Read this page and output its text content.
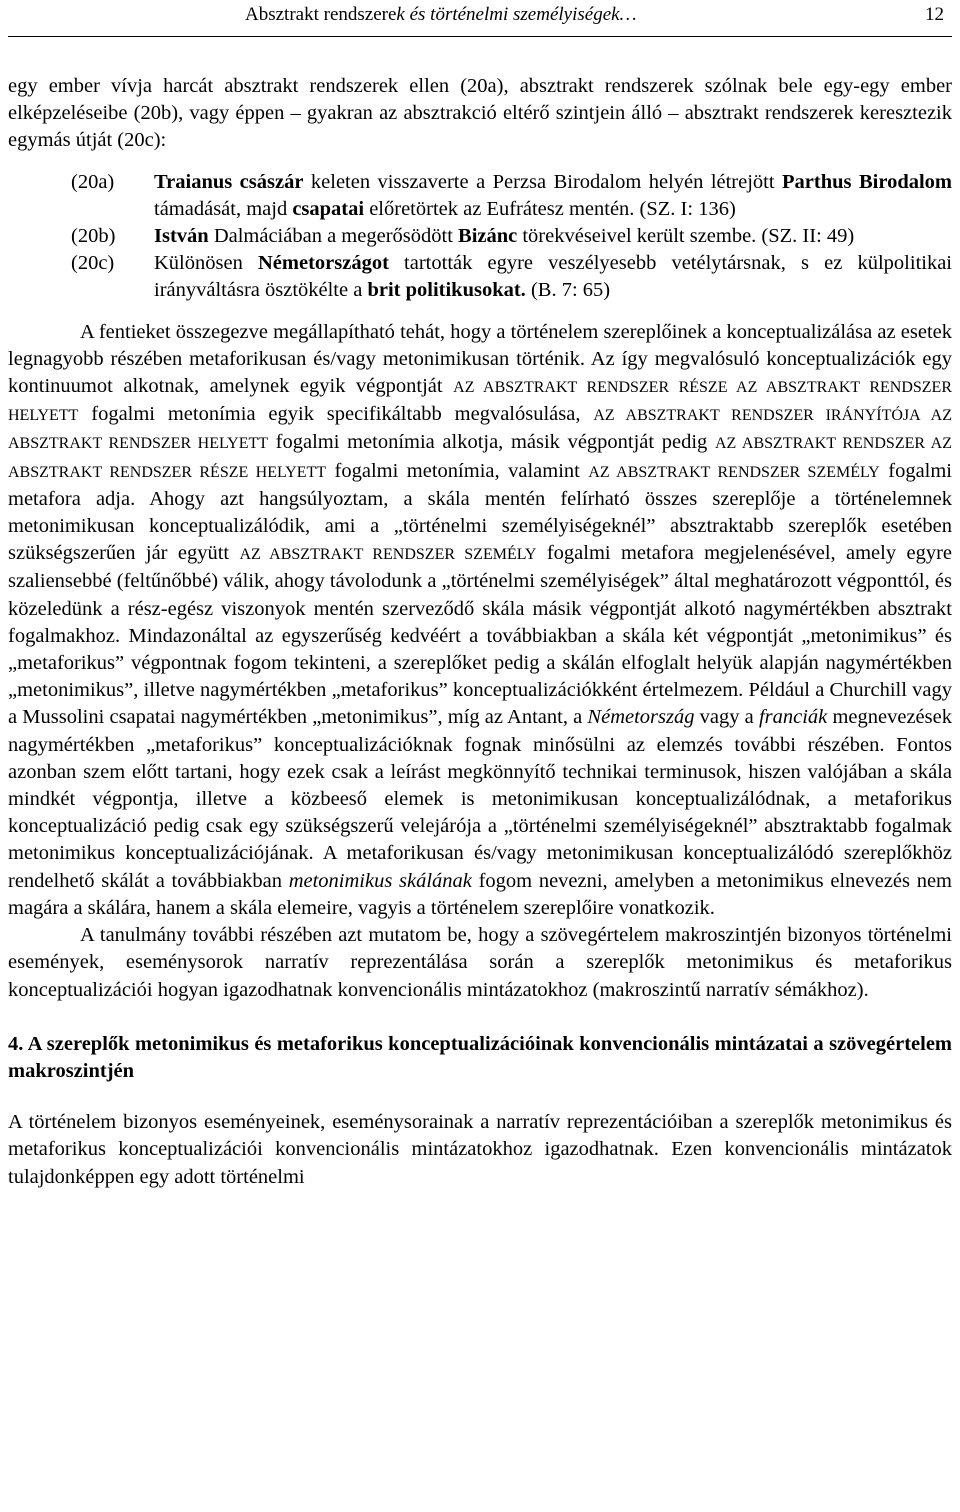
Absztrakt rendszerek és történelmi személyiségek…	12

egy ember vívja harcát absztrakt rendszerek ellen (20a), absztrakt rendszerek szólnak bele egy-egy ember elképzeléseibe (20b), vagy éppen – gyakran az absztrakció eltérő szintjein álló – absztrakt rendszerek keresztezik egymás útját (20c):

(20a) Traianus császár keleten visszaverte a Perzsa Birodalom helyén létrejött Parthus Birodalom támadását, majd csapatai előretörtek az Eufrátesz mentén. (SZ. I: 136)
(20b) István Dalmáciában a megerősödött Bizánc törekvéseivel került szembe. (SZ. II: 49)
(20c) Különösen Németországot tartották egyre veszélyesebb vetélytársnak, s ez külpolitikai irányváltásra ösztökélte a brit politikusokat. (B. 7: 65)

A fentieket összegezve megállapítható tehát, hogy a történelem szereplőinek a konceptualizálása az esetek legnagyobb részében metaforikusan és/vagy metonimikusan történik. Az így megvalósuló konceptualizációk egy kontinuumot alkotnak, amelynek egyik végpontját AZ ABSZTRAKT RENDSZER RÉSZE AZ ABSZTRAKT RENDSZER HELYETT fogalmi metonímia egyik specifikáltabb megvalósulása, AZ ABSZTRAKT RENDSZER IRÁNYÍTÓJA AZ ABSZTRAKT RENDSZER HELYETT fogalmi metonímia alkotja, másik végpontját pedig AZ ABSZTRAKT RENDSZER AZ ABSZTRAKT RENDSZER RÉSZE HELYETT fogalmi metonímia, valamint AZ ABSZTRAKT RENDSZER SZEMÉLY fogalmi metafora adja. Ahogy azt hangsúlyoztam, a skála mentén felírható összes szereplője a történelemnek metonimikusan konceptualizálódik, ami a „történelmi személyiségeknél” absztraktabb szereplők esetében szükségszerűen jár együtt AZ ABSZTRAKT RENDSZER SZEMÉLY fogalmi metafora megjelenésével, amely egyre szaliensebbé (feltűnőbbé) válik, ahogy távolodunk a „történelmi személyiségek” által meghatározott végponttól, és közeledünk a rész-egész viszonyok mentén szerveződő skála másik végpontját alkotó nagymértékben absztrakt fogalmakhoz. Mindazonáltal az egyszerűség kedvéért a továbbiakban a skála két végpontját „metonimikus” és „metaforikus” végpontnak fogom tekinteni, a szereplőket pedig a skálán elfoglalt helyük alapján nagymértékben „metonimikus”, illetve nagymértékben „metaforikus” konceptualizációkként értelmezem. Például a Churchill vagy a Mussolini csapatai nagymértékben „metonimikus”, míg az Antant, a Németország vagy a franciák megnevezések nagymértékben „metaforikus” konceptualizációknak fognak minősülni az elemzés további részében. Fontos azonban szem előtt tartani, hogy ezek csak a leírást megkönnyítő technikai terminusok, hiszen valójában a skála mindkét végpontja, illetve a közbeeső elemek is metonimikusan konceptualizálódnak, a metaforikus konceptualizáció pedig csak egy szükségszerű velejárója a „történelmi személyiségeknél” absztraktabb fogalmak metonimikus konceptualizációjának. A metaforikusan és/vagy metonimikusan konceptualizálódó szereplőkhöz rendelhető skálát a továbbiakban metonimikus skálának fogom nevezni, amelyben a metonimikus elnevezés nem magára a skálára, hanem a skála elemeire, vagyis a történelem szereplőire vonatkozik.

A tanulmány további részében azt mutatom be, hogy a szövegértelem makroszintjén bizonyos történelmi események, eseménysorok narratív reprezentálása során a szereplők metonimikus és metaforikus konceptualizációi hogyan igazodhatnak konvencionális mintázatokhoz (makroszintű narratív sémákhoz).

4. A szereplők metonimikus és metaforikus konceptualizációinak konvencionális mintázatai a szövegértelem makroszintjén

A történelem bizonyos eseményeinek, eseménysorainak a narratív reprezentációiban a szereplők metonimikus és metaforikus konceptualizációi konvencionális mintázatokhoz igazodhatnak. Ezen konvencionális mintázatok tulajdonképpen egy adott történelmi
